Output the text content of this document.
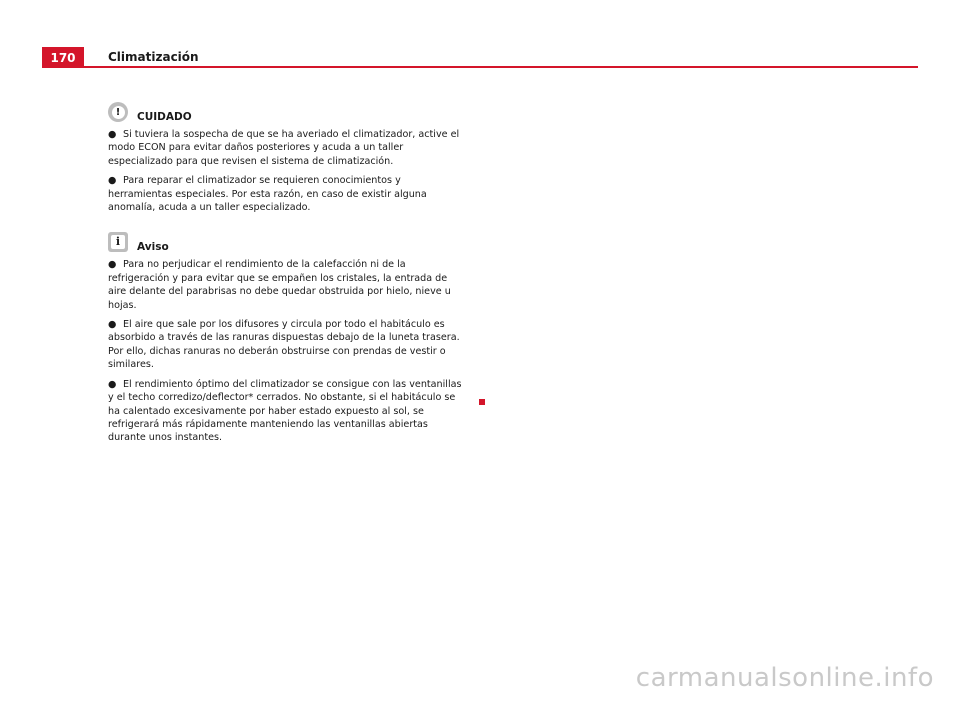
170	Climatización
!	CUIDADO
● Si tuviera la sospecha de que se ha averiado el climatizador, active el modo ECON para evitar daños posteriores y acuda a un taller especializado para que revisen el sistema de climatización.
● Para reparar el climatizador se requieren conocimientos y herramientas especiales. Por esta razón, en caso de existir alguna anomalía, acuda a un taller especializado.
i	Aviso
● Para no perjudicar el rendimiento de la calefacción ni de la refrigeración y para evitar que se empañen los cristales, la entrada de aire delante del parabrisas no debe quedar obstruida por hielo, nieve u hojas.
● El aire que sale por los difusores y circula por todo el habitáculo es absorbido a través de las ranuras dispuestas debajo de la luneta trasera. Por ello, dichas ranuras no deberán obstruirse con prendas de vestir o similares.
● El rendimiento óptimo del climatizador se consigue con las ventanillas y el techo corredizo/deflector* cerrados. No obstante, si el habitáculo se ha calentado excesivamente por haber estado expuesto al sol, se refrigerará más rápidamente manteniendo las ventanillas abiertas durante unos instantes.
carmanualsonline.info
